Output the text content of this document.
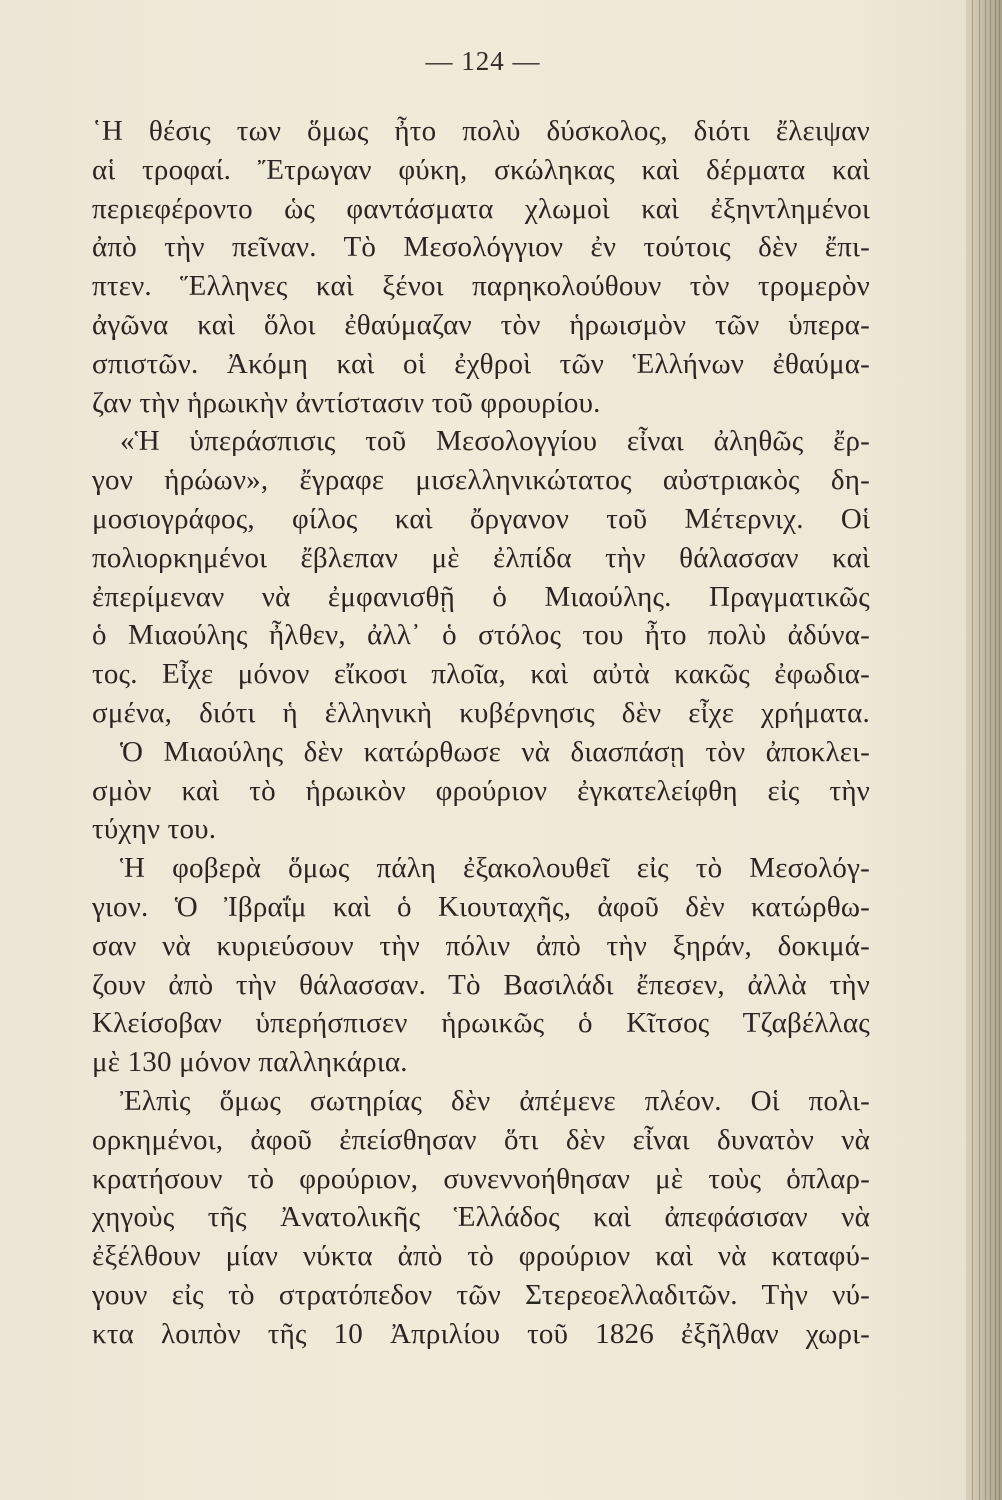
— 124 —
῾Η θέσις των ὅμως ἦτο πολὺ δύσκολος, διότι ἔλειψαν
αἱ τροφαί. Ἔτρωγαν φύκη, σκώληκας καὶ δέρματα καὶ
περιεφέροντο ὡς φαντάσματα χλωμοὶ καὶ ἐξηντλημένοι
ἀπὸ τὴν πεῖναν. Τὸ Μεσολόγγιον ἐν τούτοις δὲν ἔπι-
πτεν. Ἕλληνες καὶ ξένοι παρηκολούθουν τὸν τρομερὸν
ἀγῶνα καὶ ὅλοι ἐθαύμαζαν τὸν ἡρωισμὸν τῶν ὑπερα-
σπιστῶν. Ἀκόμη καὶ οἱ ἐχθροὶ τῶν Ἑλλήνων ἐθαύμα-
ζαν τὴν ἡρωικὴν ἀντίστασιν τοῦ φρουρίου.
«Ἡ ὑπεράσπισις τοῦ Μεσολογγίου εἶναι ἀληθῶς ἔρ-
γον ἡρώων», ἔγραφε μισελληνικώτατος αὐστριακὸς δη-
μοσιογράφος, φίλος καὶ ὄργανον τοῦ Μέτερνιχ. Οἱ
πολιορκημένοι ἔβλεπαν μὲ ἐλπίδα τὴν θάλασσαν καὶ
ἐπερίμεναν νὰ ἐμφανισθῇ ὁ Μιαούλης. Πραγματικῶς
ὁ Μιαούλης ἦλθεν, ἀλλ᾽ ὁ στόλος του ἦτο πολὺ ἀδύνα-
τος. Εἶχε μόνον εἴκοσι πλοῖα, καὶ αὐτὰ κακῶς ἐφωδια-
σμένα, διότι ἡ ἑλληνικὴ κυβέρνησις δὲν εἶχε χρήματα.
Ὁ Μιαούλης δὲν κατώρθωσε νὰ διασπάσῃ τὸν ἀποκλει-
σμὸν καὶ τὸ ἡρωικὸν φρούριον ἐγκατελείφθη εἰς τὴν
τύχην του.
Ἡ φοβερὰ ὅμως πάλη ἐξακολουθεῖ εἰς τὸ Μεσολόγ-
γιον. Ὁ Ἰβραΐμ καὶ ὁ Κιουταχῆς, ἀφοῦ δὲν κατώρθω-
σαν νὰ κυριεύσουν τὴν πόλιν ἀπὸ τὴν ξηράν, δοκιμά-
ζουν ἀπὸ τὴν θάλασσαν. Τὸ Βασιλάδι ἔπεσεν, ἀλλὰ τὴν
Κλείσοβαν ὑπερήσπισεν ἡρωικῶς ὁ Κῖτσος Τζαβέλλας
μὲ 130 μόνον παλληκάρια.
Ἐλπὶς ὅμως σωτηρίας δὲν ἀπέμενε πλέον. Οἱ πολι-
ορκημένοι, ἀφοῦ ἐπείσθησαν ὅτι δὲν εἶναι δυνατὸν νὰ
κρατήσουν τὸ φρούριον, συνεννοήθησαν μὲ τοὺς ὁπλαρ-
χηγοὺς τῆς Ἀνατολικῆς Ἑλλάδος καὶ ἀπεφάσισαν νὰ
ἐξέλθουν μίαν νύκτα ἀπὸ τὸ φρούριον καὶ νὰ καταφύ-
γουν εἰς τὸ στρατόπεδον τῶν Στερεοελλαδιτῶν. Τὴν νύ-
κτα λοιπὸν τῆς 10 Ἀπριλίου τοῦ 1826 ἐξῆλθαν χωρι-
